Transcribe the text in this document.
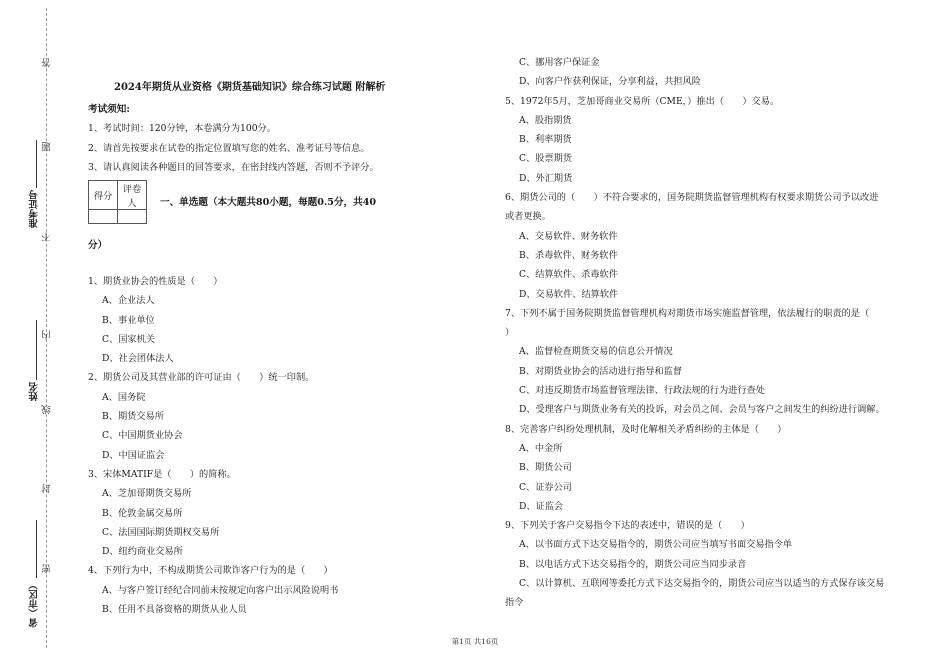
答
题
不
内
线
封
密
准考证号
姓名
省（市区）
2024年期货从业资格《期货基础知识》综合练习试题 附解析

考试须知:

1、考试时间：120分钟，本卷满分为100分。

2、请首先按要求在试卷的指定位置填写您的姓名、准考证号等信息。

3、请认真阅读各种题目的回答要求，在密封线内答题，否则不予评分。

得分	评卷人
	一、单选题（本大题共80小题，每题0.5分，共40
分）

1、期货业协会的性质是（　　）

A、企业法人

B、事业单位

C、国家机关

D、社会团体法人

2、期货公司及其营业部的许可证由（　　）统一印制。

A、国务院

B、期货交易所

C、中国期货业协会

D、中国证监会

3、宋体MATIF是（　　）的简称。

A、芝加哥期货交易所

B、伦敦金属交易所

C、法国国际期货期权交易所

D、纽约商业交易所

4、下列行为中，不构成期货公司欺诈客户行为的是（　　）

A、与客户签订经纪合同前未按规定向客户出示风险说明书

B、任用不具备资格的期货从业人员

C、挪用客户保证金

D、向客户作获利保证，分享利益，共担风险

5、1972年5月，芝加哥商业交易所（CME，）推出（　　）交易。

A、股指期货

B、利率期货

C、股票期货

D、外汇期货

6、期货公司的（　　）不符合要求的，国务院期货监督管理机构有权要求期货公司予以改进

或者更换。

A、交易软件、财务软件

B、杀毒软件、财务软件

C、结算软件、杀毒软件

D、交易软件、结算软件

7、下列不属于国务院期货监督管理机构对期货市场实施监督管理，依法履行的职责的是（

）

A、监督检查期货交易的信息公开情况

B、对期货业协会的活动进行指导和监督

C、对违反期货市场监督管理法律、行政法规的行为进行查处

D、受理客户与期货业务有关的投诉，对会员之间、会员与客户之间发生的纠纷进行调解。

8、完善客户纠纷处理机制，及时化解相关矛盾纠纷的主体是（　　）

A、中金所

B、期货公司

C、证券公司

D、证监会

9、下列关于客户交易指令下达的表述中，错误的是（　　）

A、以书面方式下达交易指令的，期货公司应当填写书面交易指令单

B、以电话方式下达交易指令的，期货公司应当同步录音

C、以计算机、互联网等委托方式下达交易指令的，期货公司应当以适当的方式保存该交易

指令

第1页 共16页
